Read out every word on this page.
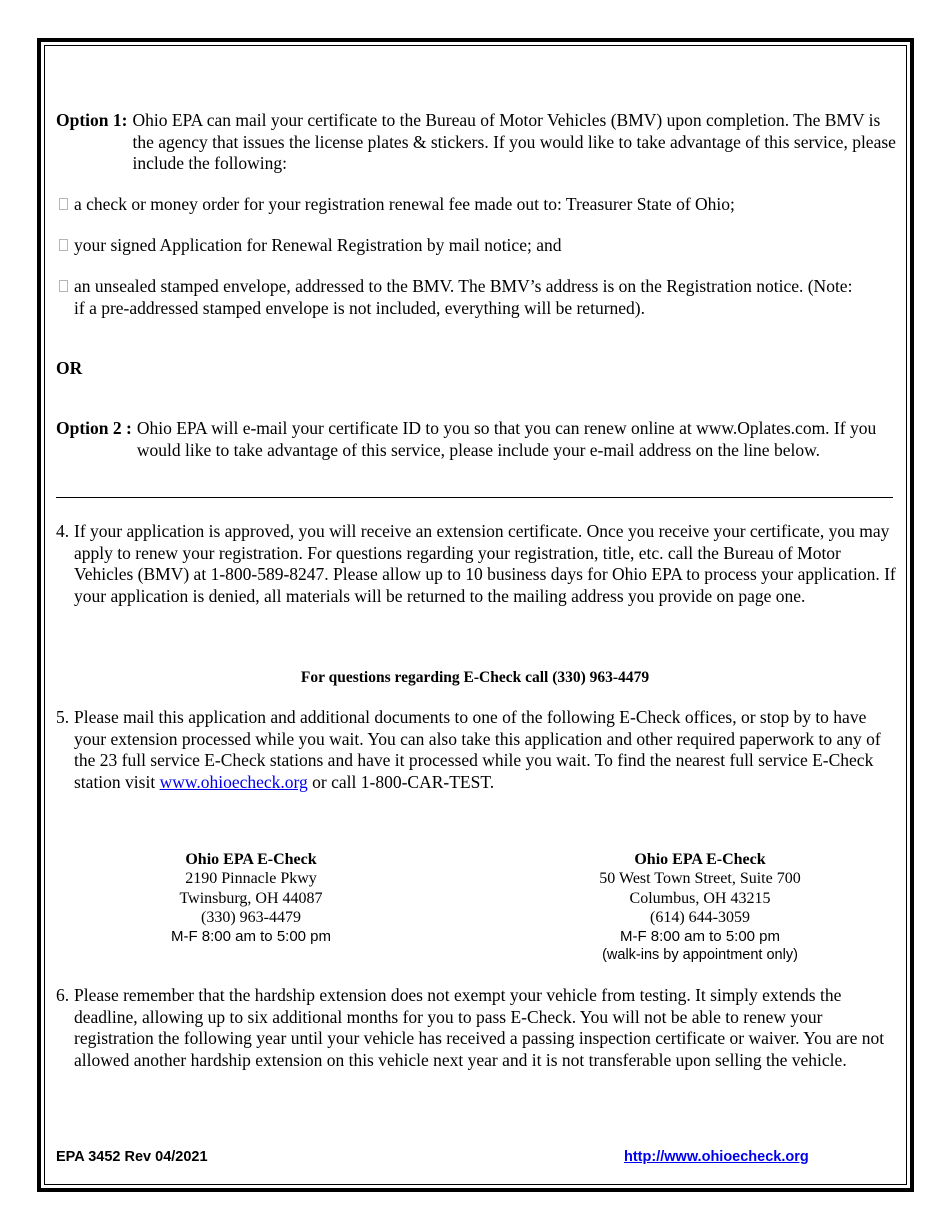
Option 1: Ohio EPA can mail your certificate to the Bureau of Motor Vehicles (BMV) upon completion. The BMV is the agency that issues the license plates & stickers. If you would like to take advantage of this service, please include the following:
a check or money order for your registration renewal fee made out to: Treasurer State of Ohio;
your signed Application for Renewal Registration by mail notice; and
an unsealed stamped envelope, addressed to the BMV. The BMV’s address is on the Registration notice. (Note: if a pre-addressed stamped envelope is not included, everything will be returned).
OR
Option 2 : Ohio EPA will e-mail your certificate ID to you so that you can renew online at www.Oplates.com. If you would like to take advantage of this service, please include your e-mail address on the line below.
4. If your application is approved, you will receive an extension certificate. Once you receive your certificate, you may apply to renew your registration. For questions regarding your registration, title, etc. call the Bureau of Motor Vehicles (BMV) at 1-800-589-8247. Please allow up to 10 business days for Ohio EPA to process your application. If your application is denied, all materials will be returned to the mailing address you provide on page one.
For questions regarding E-Check call (330) 963-4479
5. Please mail this application and additional documents to one of the following E-Check offices, or stop by to have your extension processed while you wait. You can also take this application and other required paperwork to any of the 23 full service E-Check stations and have it processed while you wait. To find the nearest full service E-Check station visit www.ohioecheck.org or call 1-800-CAR-TEST.
Ohio EPA E-Check
2190 Pinnacle Pkwy
Twinsburg, OH 44087
(330) 963-4479
M-F 8:00 am to 5:00 pm
Ohio EPA E-Check
50 West Town Street, Suite 700
Columbus, OH 43215
(614) 644-3059
M-F 8:00 am to 5:00 pm
(walk-ins by appointment only)
6. Please remember that the hardship extension does not exempt your vehicle from testing. It simply extends the deadline, allowing up to six additional months for you to pass E-Check. You will not be able to renew your registration the following year until your vehicle has received a passing inspection certificate or waiver. You are not allowed another hardship extension on this vehicle next year and it is not transferable upon selling the vehicle.
EPA 3452 Rev 04/2021	http://www.ohioecheck.org
